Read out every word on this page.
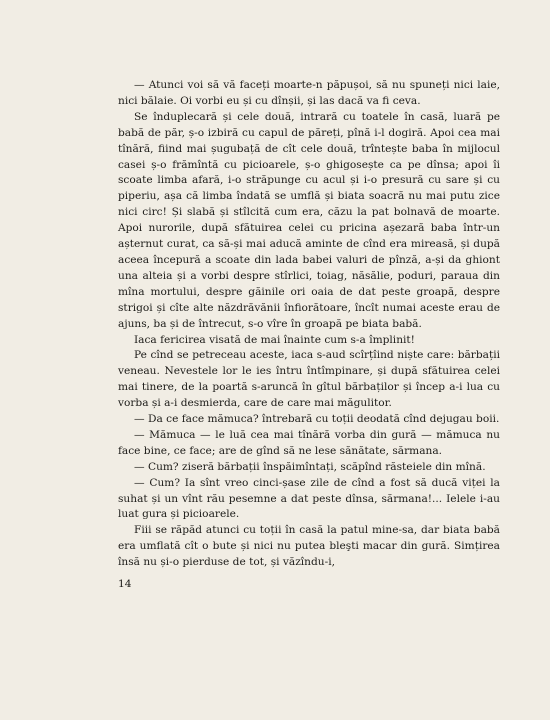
— Atunci voi să vă faceți moarte-n păpușoi, să nu spuneți nici laie, nici bălaie. Oi vorbi eu și cu dînșii, și las dacă va fi ceva.

Se înduplecară și cele două, intrară cu toatele în casă, luară pe babă de păr, ș-o izbiră cu capul de păreți, pînă i-l dogiră. Apoi cea mai tînără, fiind mai șugubață de cît cele două, trîntește baba în mijlocul casei ș-o frămîntă cu picioarele, ș-o ghigosește ca pe dînsa; apoi îi scoate limba afară, i-o străpunge cu acul și i-o presură cu sare și cu piperiu, așa că limba îndată se umflă și biata soacră nu mai putu zice nici circ! Și slabă și stîlcită cum era, căzu la pat bolnavă de moarte. Apoi nurorile, după sfătuirea celei cu pricina așezară baba într-un așternut curat, ca să-și mai aducă aminte de cînd era mireasă, și după aceea începură a scoate din lada babei valuri de pînză, a-și da ghiont una alteia și a vorbi despre stîrlici, toiag, năsălie, poduri, paraua din mîna mortului, despre găinile ori oaia de dat peste groapă, despre strigoi și cîte alte năzdrăvănii înfiorătoare, încît numai aceste erau de ajuns, ba și de întrecut, s-o vîre în groapă pe biata babă.

Iaca fericirea visată de mai înainte cum s-a împlinit!

Pe cînd se petreceau aceste, iaca s-aud scîrțîind niște care: bărbații veneau. Nevestele lor le ies întru întîmpinare, și după sfătuirea celei mai tinere, de la poartă s-aruncă în gîtul bărbaților și încep a-i lua cu vorba și a-i desmierda, care de care mai măgulitor.

— Da ce face mămuca? întrebară cu toții deodată cînd dejugau boii.

— Mămuca — le luă cea mai tînără vorba din gură — mămuca nu face bine, ce face; are de gînd să ne lese sănătate, sărmana.

— Cum? ziseră bărbații înspăimîntați, scăpînd răsteiele din mînă.

— Cum? Ia sînt vreo cinci-șase zile de cînd a fost să ducă viței la suhat și un vînt rău pesemne a dat peste dînsa, sărmana!... Ielele i-au luat gura și picioarele.

Fiii se răpăd atunci cu toții în casă la patul mine-sa, dar biata babă era umflată cît o bute și nici nu putea bleşti macar din gură. Simțirea însă nu și-o pierduse de tot, și văzîndu-i,

14
